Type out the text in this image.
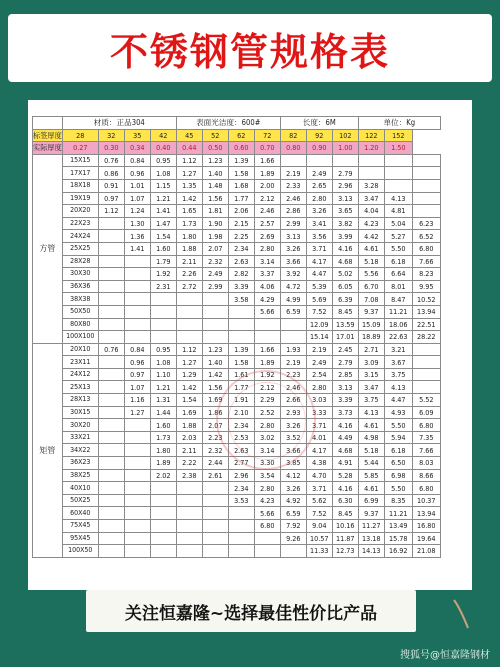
不锈钢管规格表
	材质：正品304				表面光洁度：600#				长度：6M			单位：Kg		
标签厚度	28	32	35	42	45	52	62	72	82	92	102	122	152	
实际厚度	0.27	0.30	0.34	0.40	0.44	0.50	0.60	0.70	0.80	0.90	1.00	1.20	1.50	
方管	15X15	0.76	0.84	0.95	1.12	1.23	1.39	1.66						
	17X17	0.86	0.96	1.08	1.27	1.40	1.58	1.89	2.19	2.49	2.79			
	18X18	0.91	1.01	1.15	1.35	1.48	1.68	2.00	2.33	2.65	2.96	3.28		
	19X19	0.97	1.07	1.21	1.42	1.56	1.77	2.12	2.46	2.80	3.13	3.47	4.13	
	20X20	1.12	1.24	1.41	1.65	1.81	2.06	2.46	2.86	3.26	3.65	4.04	4.81	
	22X23		1.30	1.47	1.73	1.90	2.15	2.57	2.99	3.41	3.82	4.23	5.04	6.23
	24X24		1.36	1.54	1.80	1.98	2.25	2.69	3.13	3.56	3.99	4.42	5.27	6.52
	25X25		1.41	1.60	1.88	2.07	2.34	2.80	3.26	3.71	4.16	4.61	5.50	6.80
	28X28			1.79	2.11	2.32	2.63	3.14	3.66	4.17	4.68	5.18	6.18	7.66
	30X30			1.92	2.26	2.49	2.82	3.37	3.92	4.47	5.02	5.56	6.64	8.23
	36X36			2.31	2.72	2.99	3.39	4.06	4.72	5.39	6.05	6.70	8.01	9.95
	38X38						3.58	4.29	4.99	5.69	6.39	7.08	8.47	10.52
	50X50							5.66	6.59	7.52	8.45	9.37	11.21	13.94
	80X80									12.09	13.59	15.09	18.06	22.51
	100X100									15.14	17.01	18.89	22.63	28.22
矩管	20X10	0.76	0.84	0.95	1.12	1.23	1.39	1.66	1.93	2.19	2.45	2.71	3.21	
	23X11		0.96	1.08	1.27	1.40	1.58	1.89	2.19	2.49	2.79	3.09	3.67	
	24X12		0.97	1.10	1.29	1.42	1.61	1.92	2.23	2.54	2.85	3.15	3.75	
	25X13		1.07	1.21	1.42	1.56	1.77	2.12	2.46	2.80	3.13	3.47	4.13	
	28X13		1.16	1.31	1.54	1.69	1.91	2.29	2.66	3.03	3.39	3.75	4.47	5.52
	30X15		1.27	1.44	1.69	1.86	2.10	2.52	2.93	3.33	3.73	4.13	4.93	6.09
	30X20			1.60	1.88	2.07	2.34	2.80	3.26	3.71	4.16	4.61	5.50	6.80
	33X21			1.73	2.03	2.23	2.53	3.02	3.52	4.01	4.49	4.98	5.94	7.35
	34X22			1.80	2.11	2.32	2.63	3.14	3.66	4.17	4.68	5.18	6.18	7.66
	36X23			1.89	2.22	2.44	2.77	3.30	3.85	4.38	4.91	5.44	6.50	8.03
	38X25			2.02	2.38	2.61	2.96	3.54	4.12	4.70	5.28	5.85	6.98	8.66
	40X10						2.34	2.80	3.26	3.71	4.16	4.61	5.50	6.80
	50X25						3.53	4.23	4.92	5.62	6.30	6.99	8.35	10.37
	60X40							5.66	6.59	7.52	8.45	9.37	11.21	13.94
	75X45							6.80	7.92	9.04	10.16	11.27	13.49	16.80
	95X45								9.26	10.57	11.87	13.18	15.78	19.64
	100X50									11.33	12.73	14.13	16.92	21.08
关注恒嘉隆~选择最佳性价比产品
搜狐号@恒嘉隆钢材
